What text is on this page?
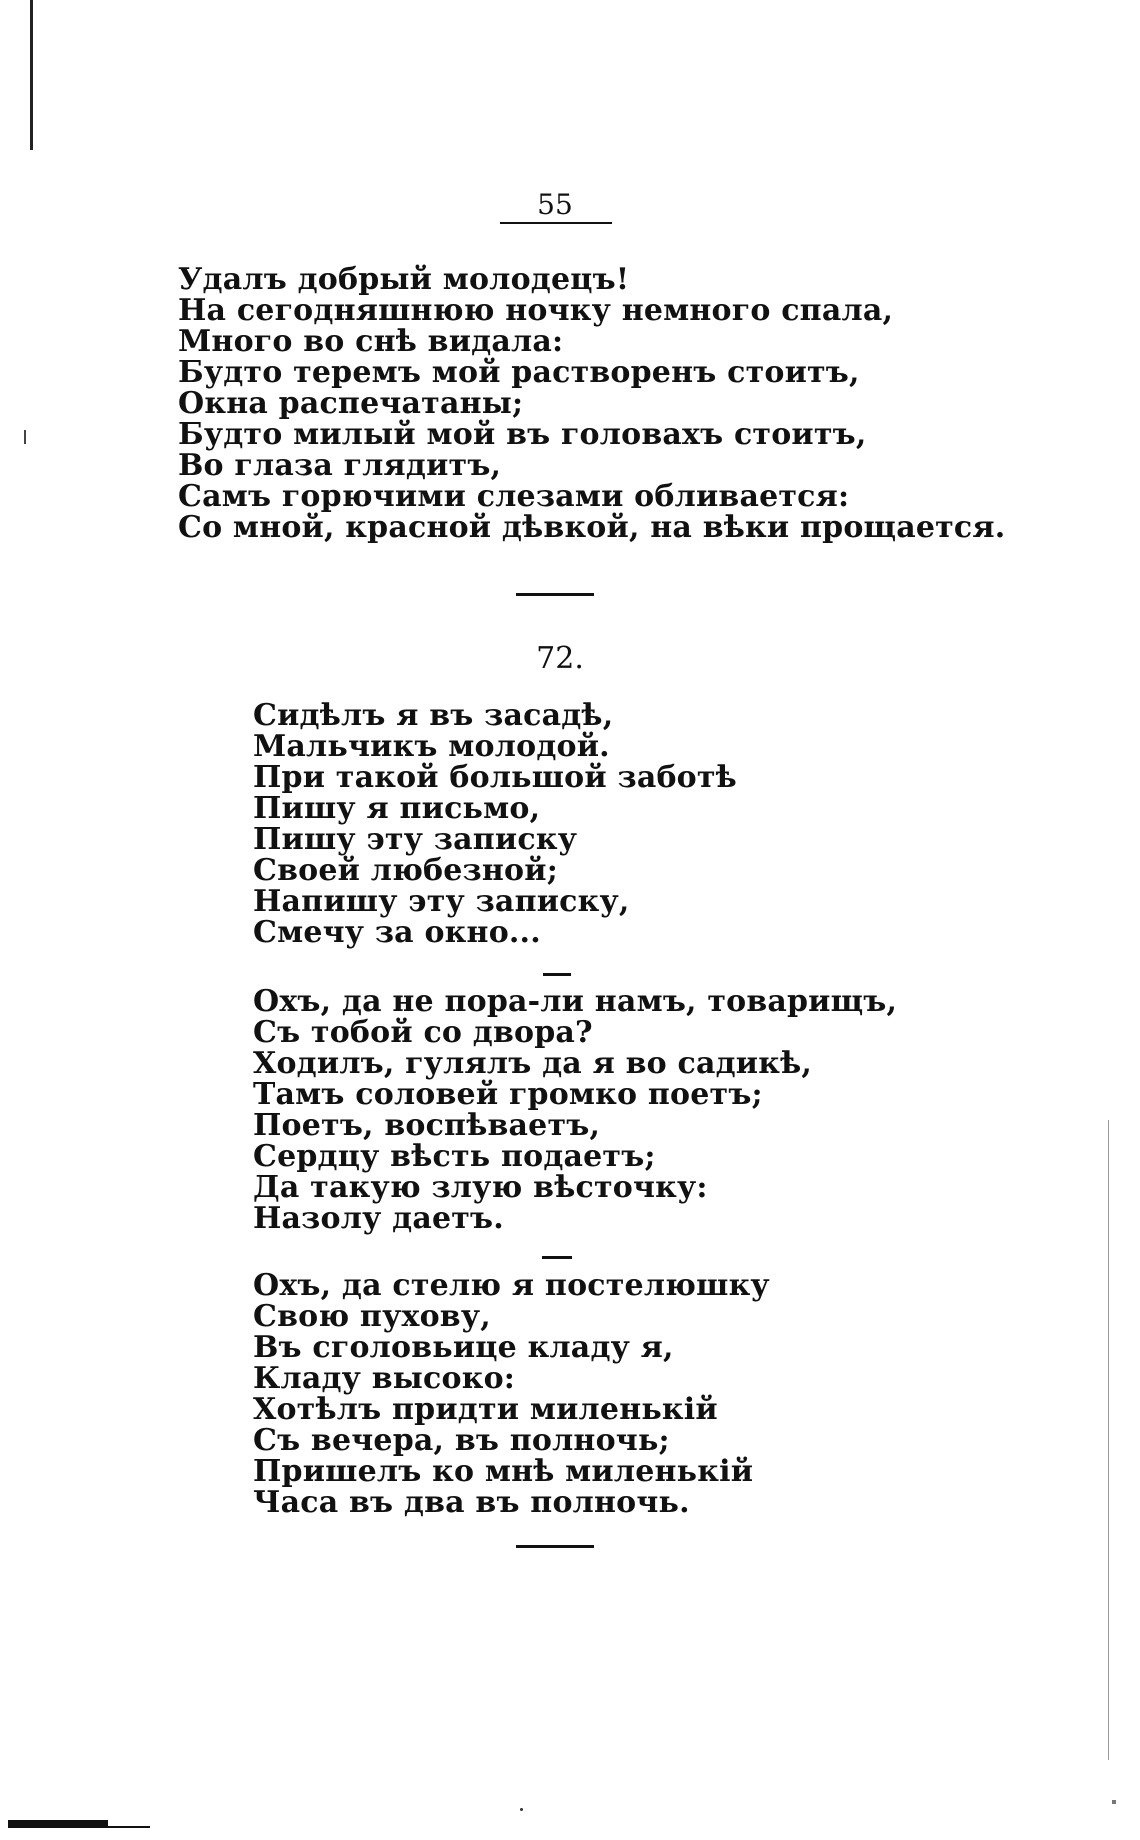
55
Удалъ добрый молодецъ!
На сегодняшнюю ночку немного спала,
Много во снѣ видала:
Будто теремъ мой растворенъ стоитъ,
Окна распечатаны;
Будто милый мой въ головахъ стоитъ,
Во глаза глядитъ,
Самъ горючими слезами обливается:
Со мной, красной дѣвкой, на вѣки прощается.
72.
Сидѣлъ я въ засадѣ,
Мальчикъ молодой.
При такой большой заботѣ
Пишу я письмо,
Пишу эту записку
Своей любезной;
Напишу эту записку,
Смечу за окно...
Охъ, да не пора-ли намъ, товарищъ,
Съ тобой со двора?
Ходилъ, гулялъ да я во садикѣ,
Тамъ соловей громко поетъ;
Поетъ, воспѣваетъ,
Сердцу вѣсть подаетъ;
Да такую злую вѣсточку:
Назолу даетъ.
Охъ, да стелю я постелюшку
Свою пухову,
Въ сголовьице кладу я,
Кладу высоко:
Хотѣлъ придти миленькій
Съ вечера, въ полночь;
Пришелъ ко мнѣ миленькій
Часа въ два въ полночь.
